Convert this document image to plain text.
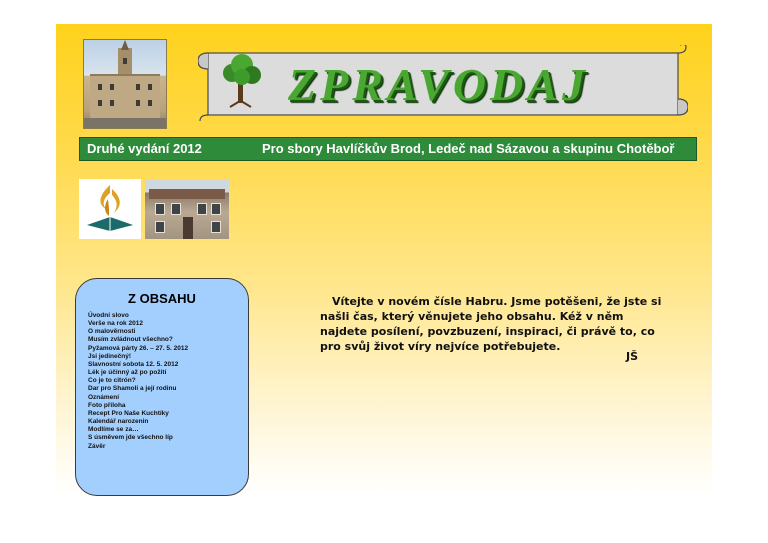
ZPRAVODAJ
Druhé vydání 2012	Pro sbory Havlíčkův Brod, Ledeč nad Sázavou a skupinu Chotěboř
Z OBSAHU
Úvodní slovo
Verše na rok 2012
O malověrnosti
Musím zvládnout všechno?
Pyžamová párty 26. – 27. 5. 2012
Jsi jedinečný!
Slavnostní sobota 12. 5. 2012
Lék je účinný až po požití
Co je to citrón?
Dar pro Shamoli a její rodinu
Oznámení
Foto příloha
Recept Pro Naše Kuchtíky
Kalendář narozenin
Modlíme se za…
S úsměvem jde všechno líp
Závěr

Vítejte v novém čísle Habru. Jsme potěšeni, že jste si našli čas, který věnujete jeho obsahu. Kéž v něm najdete posílení, povzbuzení, inspiraci, či právě to, co pro svůj život víry nejvíce potřebujete.

JŠ
